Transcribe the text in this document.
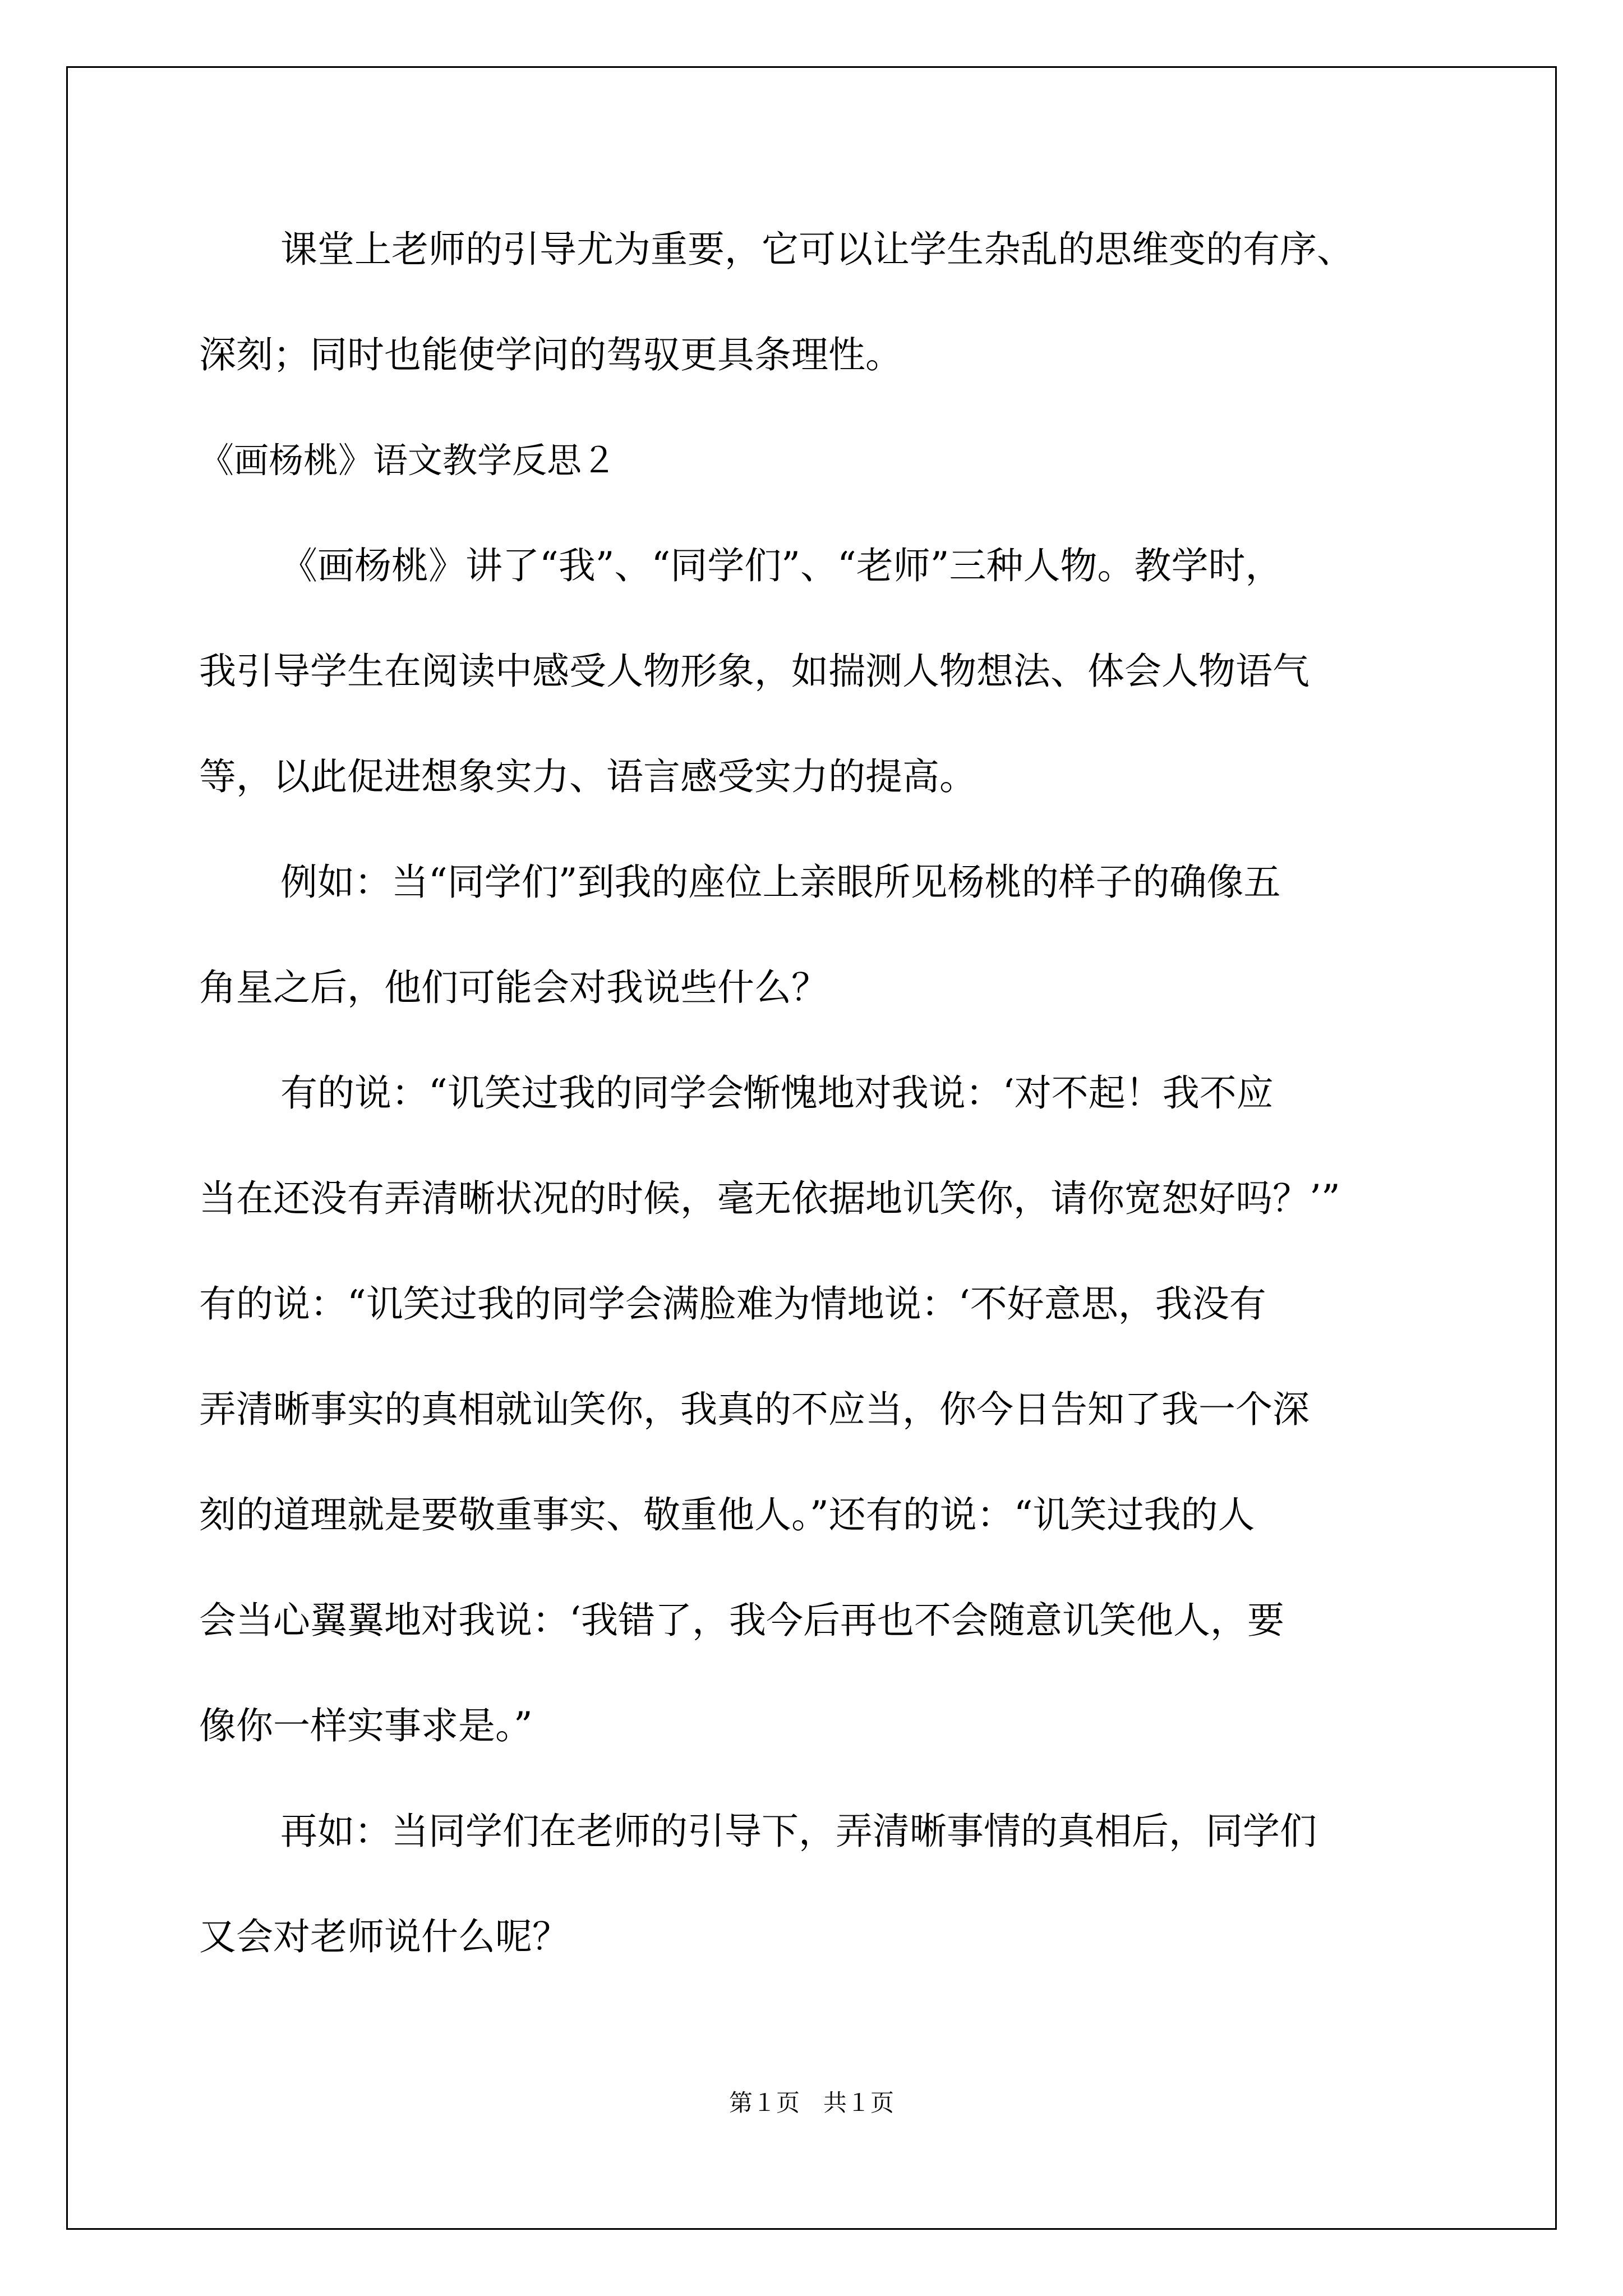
课堂上老师的引导尤为重要，它可以让学生杂乱的思维变的有序、
深刻；同时也能使学问的驾驭更具条理性。
《画杨桃》语文教学反思２
《画杨桃》讲了“我”、“同学们”、“老师”三种人物。教学时，
我引导学生在阅读中感受人物形象，如揣测人物想法、体会人物语气
等，以此促进想象实力、语言感受实力的提高。
例如：当“同学们”到我的座位上亲眼所见杨桃的样子的确像五
角星之后，他们可能会对我说些什么？
有的说：“讥笑过我的同学会惭愧地对我说：‘对不起！我不应
当在还没有弄清晰状况的时候，毫无依据地讥笑你，请你宽恕好吗？’”
有的说：“讥笑过我的同学会满脸难为情地说：‘不好意思，我没有
弄清晰事实的真相就讪笑你，我真的不应当，你今日告知了我一个深
刻的道理就是要敬重事实、敬重他人。”还有的说：“讥笑过我的人
会当心翼翼地对我说：‘我错了，我今后再也不会随意讥笑他人，要
像你一样实事求是。”
再如：当同学们在老师的引导下，弄清晰事情的真相后，同学们
又会对老师说什么呢？
第１页　共１页
